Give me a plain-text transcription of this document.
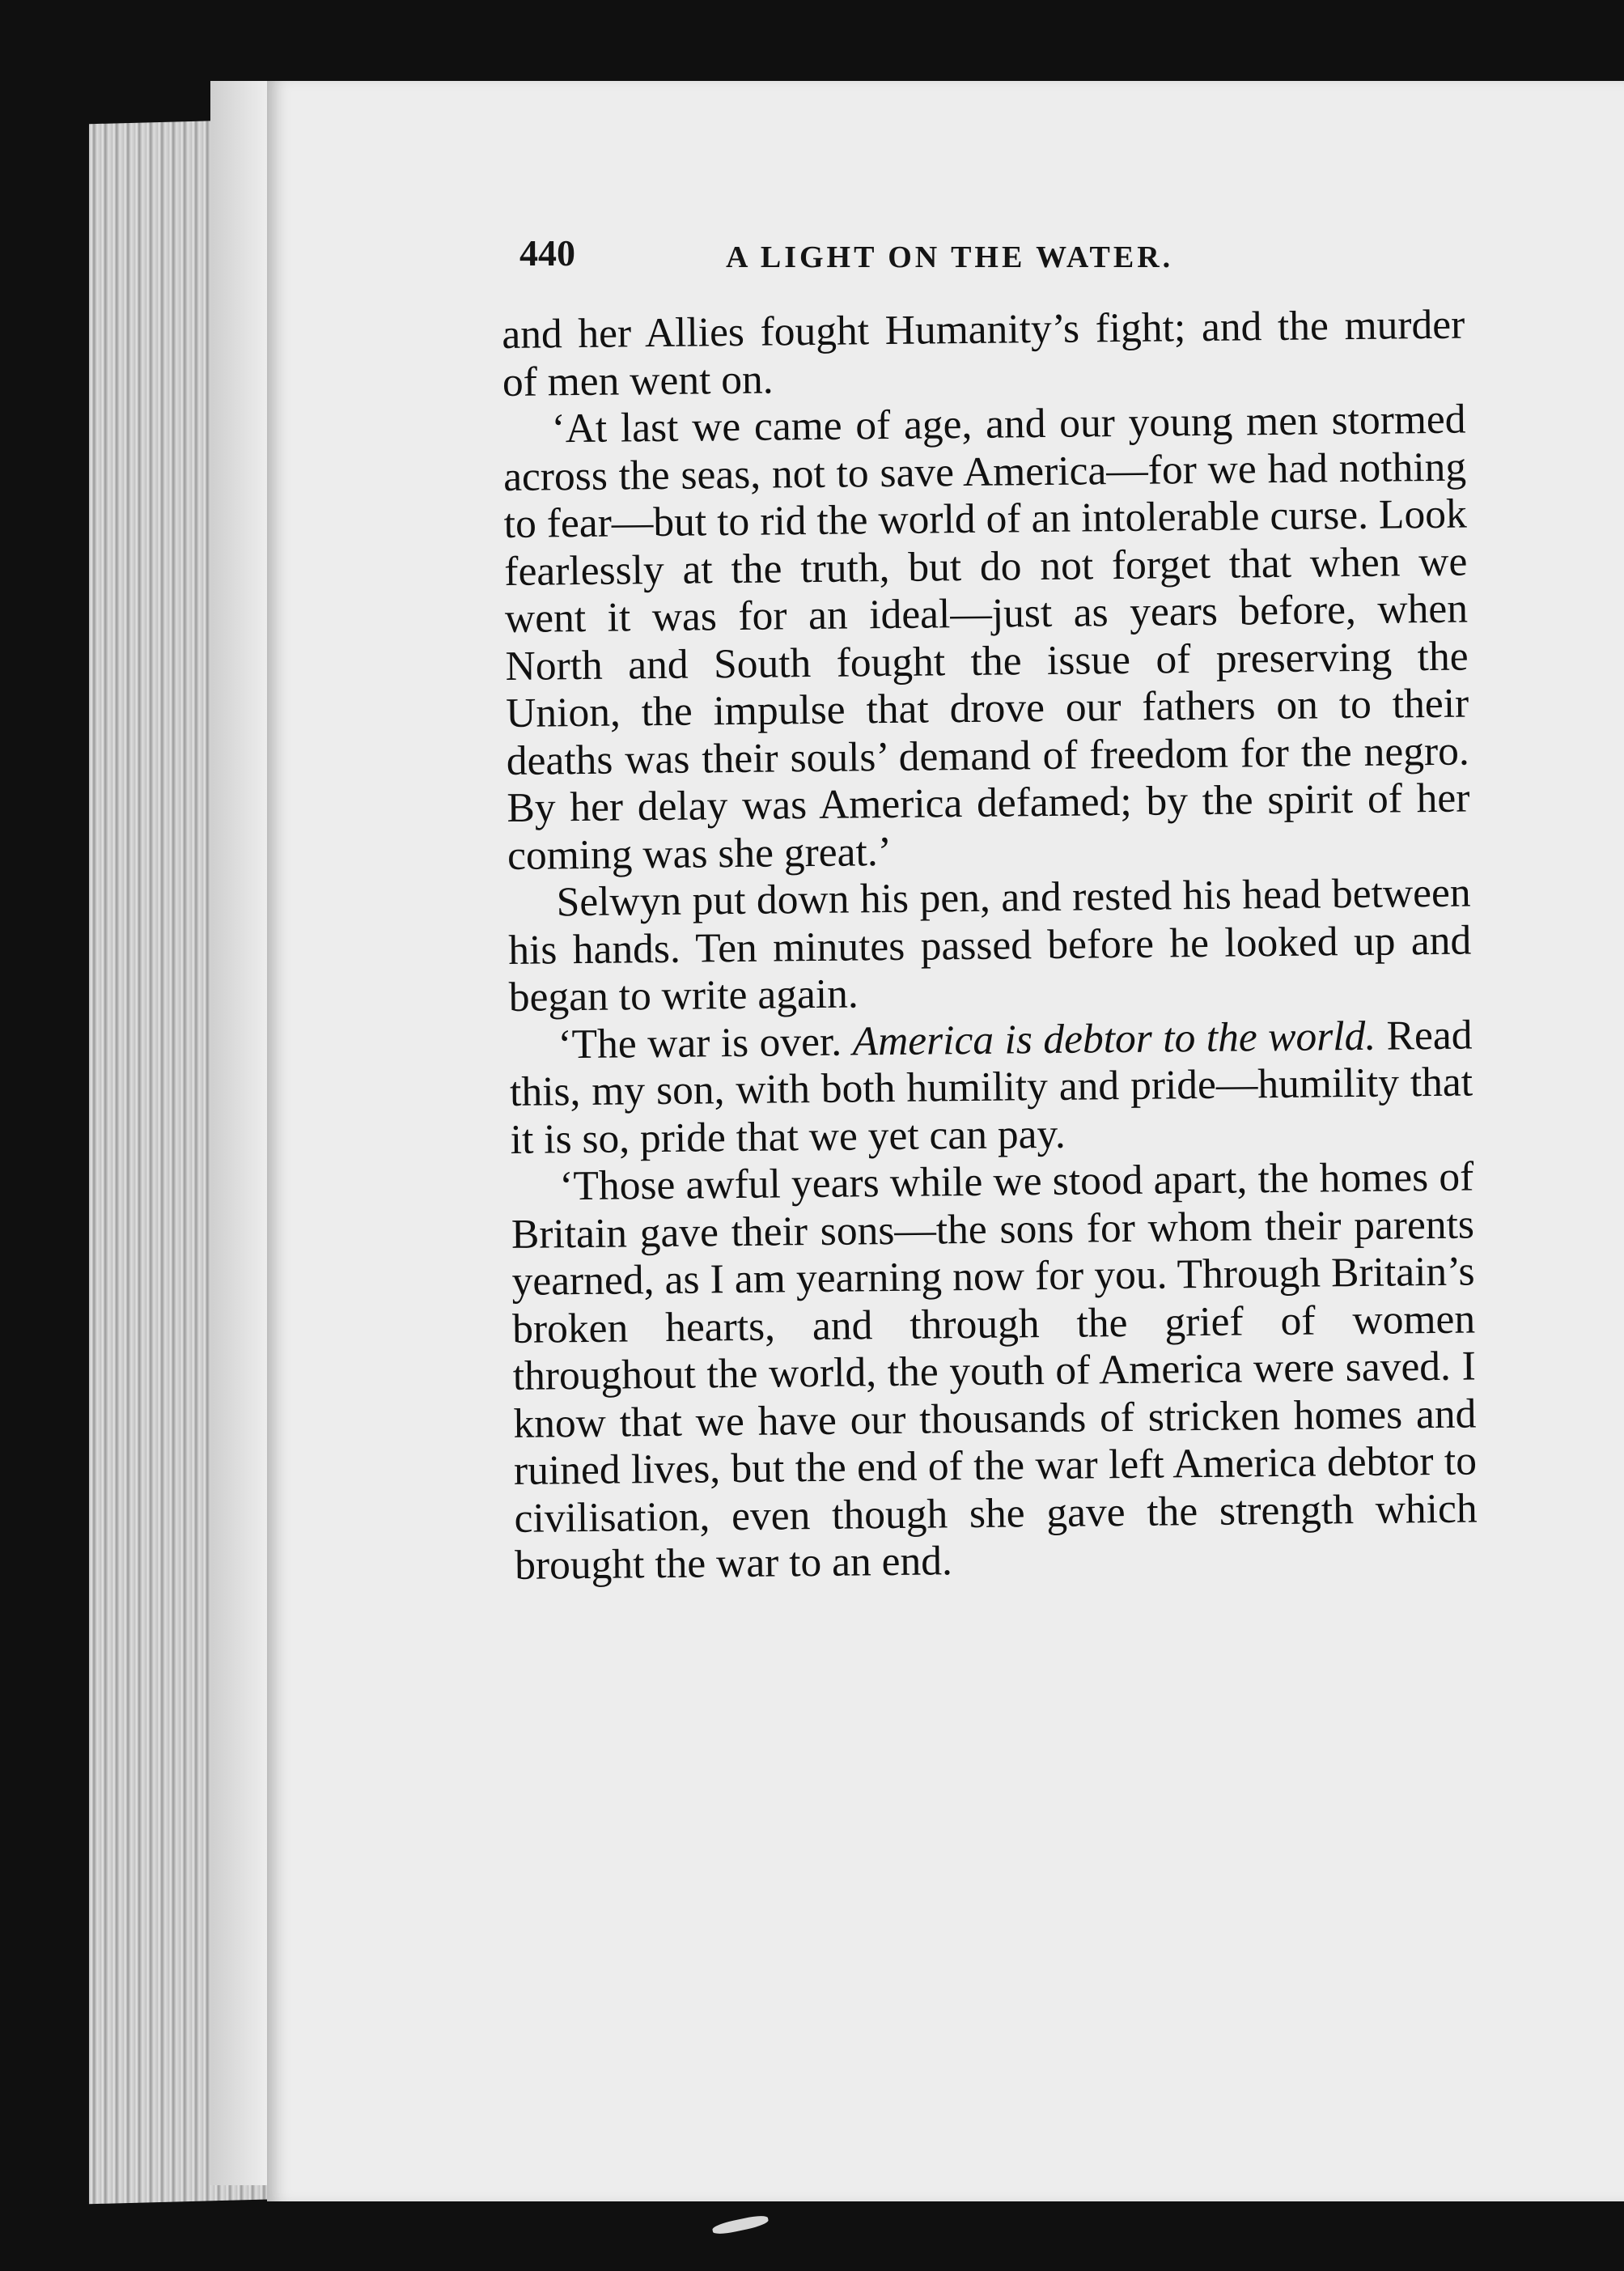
440	A LIGHT ON THE WATER.

and her Allies fought Humanity’s fight; and the murder of men went on.

‘At last we came of age, and our young men stormed across the seas, not to save America—for we had nothing to fear—but to rid the world of an intolerable curse. Look fearlessly at the truth, but do not forget that when we went it was for an ideal—just as years before, when North and South fought the issue of preserving the Union, the impulse that drove our fathers on to their deaths was their souls’ demand of freedom for the negro. By her delay was America defamed; by the spirit of her coming was she great.’

Selwyn put down his pen, and rested his head between his hands. Ten minutes passed before he looked up and began to write again.

‘The war is over. America is debtor to the world. Read this, my son, with both humility and pride—humility that it is so, pride that we yet can pay.

‘Those awful years while we stood apart, the homes of Britain gave their sons—the sons for whom their parents yearned, as I am yearning now for you. Through Britain’s broken hearts, and through the grief of women throughout the world, the youth of America were saved. I know that we have our thousands of stricken homes and ruined lives, but the end of the war left America debtor to civilisation, even though she gave the strength which brought the war to an end.
